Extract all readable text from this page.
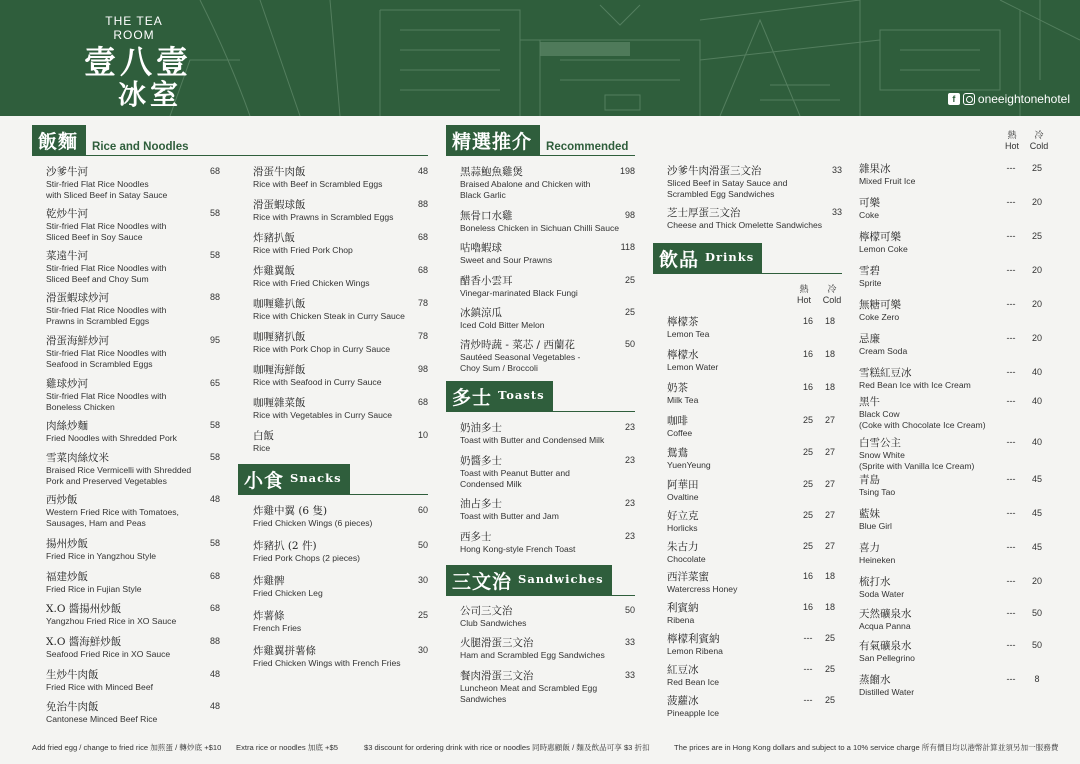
THE TEA ROOM
壹八壹
冰室	f	oneeightonehotel
飯麵	Rice and Noodles
沙爹牛河
Stir-fried Flat Rice Noodles
with Sliced Beef in Satay Sauce
68
乾炒牛河
Stir-fried Flat Rice Noodles with
Sliced Beef in Soy Sauce
58
菜遠牛河
Stir-fried Flat Rice Noodles with
Sliced Beef and Choy Sum
58
滑蛋蝦球炒河
Stir-fried Flat Rice Noodles with
Prawns in Scrambled Eggs
88
滑蛋海鮮炒河
Stir-fried Flat Rice Noodles with
Seafood in Scrambled Eggs
95
雞球炒河
Stir-fried Flat Rice Noodles with
Boneless Chicken
65
肉絲炒麵
Fried Noodles with Shredded Pork
58
雪菜肉絲炆米
Braised Rice Vermicelli with Shredded
Pork and Preserved Vegetables
58
西炒飯
Western Fried Rice with Tomatoes,
Sausages, Ham and Peas
48
揚州炒飯
Fried Rice in Yangzhou Style
58
福建炒飯
Fried Rice in Fujian Style
68
X.O 醬揚州炒飯
Yangzhou Fried Rice in XO Sauce
68
X.O 醬海鮮炒飯
Seafood Fried Rice in XO Sauce
88
生炒牛肉飯
Fried Rice with Minced Beef
48
免治牛肉飯
Cantonese Minced Beef Rice
48
滑蛋牛肉飯
Rice with Beef in Scrambled Eggs
48
滑蛋蝦球飯
Rice with Prawns in Scrambled Eggs
88
炸豬扒飯
Rice with Fried Pork Chop
68
炸雞翼飯
Rice with Fried Chicken Wings
68
咖喱雞扒飯
Rice with Chicken Steak in Curry Sauce
78
咖喱豬扒飯
Rice with Pork Chop in Curry Sauce
78
咖喱海鮮飯
Rice with Seafood in Curry Sauce
98
咖喱雜菜飯
Rice with Vegetables in Curry Sauce
68
白飯
Rice
10
小食 Snacks
炸雞中翼 (6 隻)
Fried Chicken Wings (6 pieces)
60
炸豬扒 (2 件)
Fried Pork Chops (2 pieces)
50
炸雞髀
Fried Chicken Leg
30
炸薯條
French Fries
25
炸雞翼拼薯條
Fried Chicken Wings with French Fries
30
精選推介	Recommended
黑蒜鮑魚雞煲
Braised Abalone and Chicken with
Black Garlic
198
無骨口水雞
Boneless Chicken in Sichuan Chilli Sauce
98
咕嚕蝦球
Sweet and Sour Prawns
118
醋香小雲耳
Vinegar-marinated Black Fungi
25
冰鎮涼瓜
Iced Cold Bitter Melon
25
清炒時蔬 - 菜芯 / 西蘭花
Sautéed Seasonal Vegetables -
Choy Sum / Broccoli
50
多士 Toasts
奶油多士
Toast with Butter and Condensed Milk
23
奶醬多士
Toast with Peanut Butter and
Condensed Milk
23
油占多士
Toast with Butter and Jam
23
西多士
Hong Kong-style French Toast
23
三文治 Sandwiches
公司三文治
Club Sandwiches
50
火腿滑蛋三文治
Ham and Scrambled Egg Sandwiches
33
餐肉滑蛋三文治
Luncheon Meat and Scrambled Egg
Sandwiches
33
沙爹牛肉滑蛋三文治
Sliced Beef in Satay Sauce and
Scrambled Egg Sandwiches
33
芝士厚蛋三文治
Cheese and Thick Omelette Sandwiches
33
飲品 Drinks
熱
Hot
冷
Cold
檸檬茶
Lemon Tea
16	18
檸檬水
Lemon Water
16	18
奶茶
Milk Tea
16	18
咖啡
Coffee
25	27
鴛鴦
YuenYeung
25	27
阿華田
Ovaltine
25	27
好立克
Horlicks
25	27
朱古力
Chocolate
25	27
西洋菜蜜
Watercress Honey
16	18
利賓納
Ribena
16	18
檸檬利賓納
Lemon Ribena
---	25
紅豆冰
Red Bean Ice
---	25
菠蘿冰
Pineapple Ice
---	25
熱
Hot
冷
Cold
雜果冰
Mixed Fruit Ice
---	25
可樂
Coke
---	20
檸檬可樂
Lemon Coke
---	25
雪碧
Sprite
---	20
無糖可樂
Coke Zero
---	20
忌廉
Cream Soda
---	20
雪糕紅豆冰
Red Bean Ice with Ice Cream
---	40
黑牛
Black Cow
(Coke with Chocolate Ice Cream)
---	40
白雪公主
Snow White
(Sprite with Vanilla Ice Cream)
---	40
青島
Tsing Tao
---	45
藍妹
Blue Girl
---	45
喜力
Heineken
---	45
梳打水
Soda Water
---	20
天然礦泉水
Acqua Panna
---	50
有氣礦泉水
San Pellegrino
---	50
蒸餾水
Distilled Water
---	8
Add fried egg / change to fried rice 加煎蛋 / 轉炒底 +$10 Extra rice or noodles 加底 +$5	$3 discount for ordering drink with rice or noodles 同時惠顧飯 / 麵及飲品可享 $3 折扣	The prices are in Hong Kong dollars and subject to a 10% service charge 所有價目均以港幣計算並須另加一服務費
